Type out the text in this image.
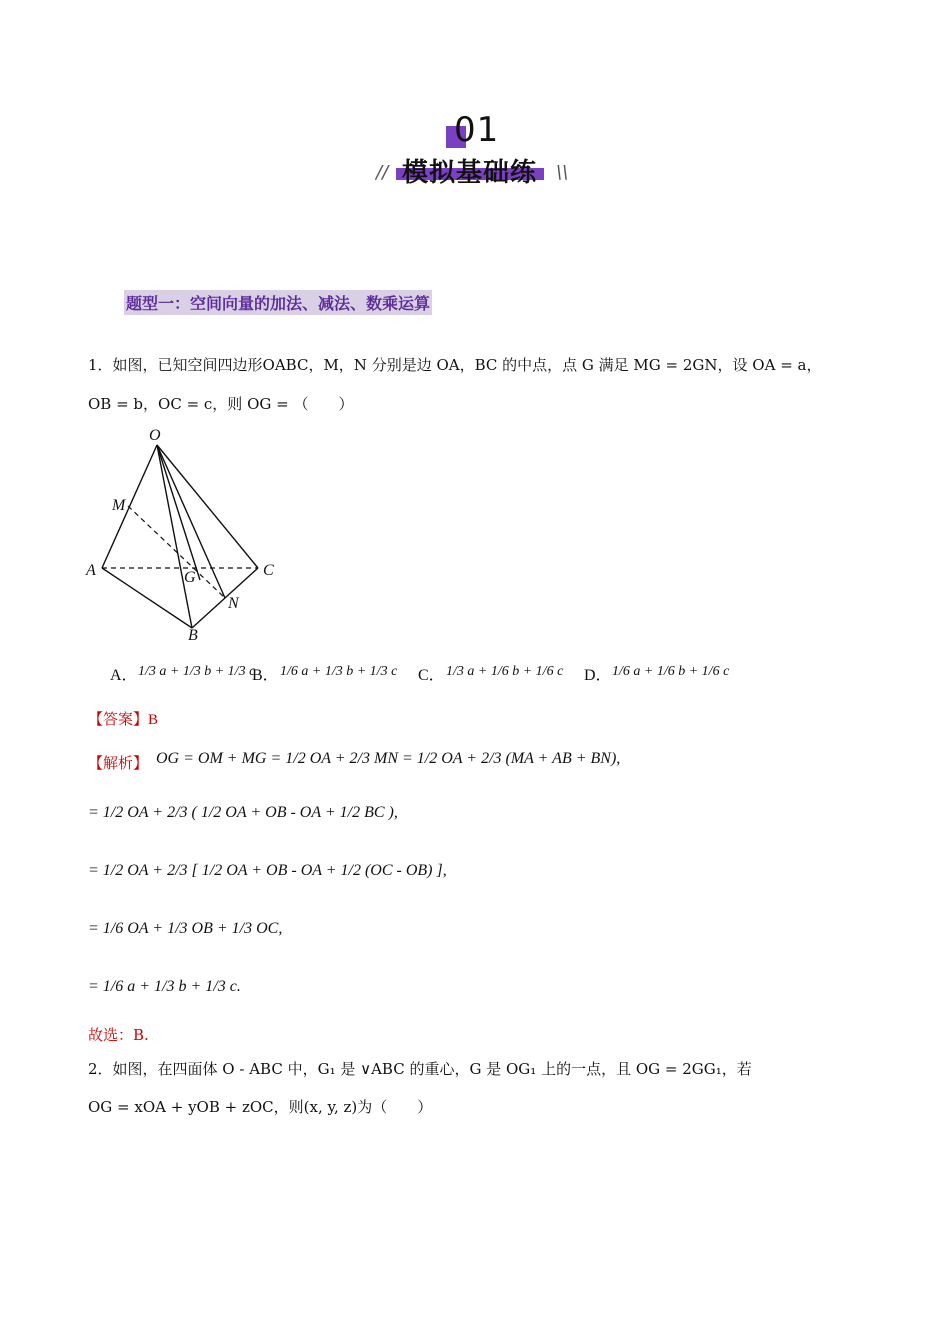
01
模拟基础练
//	\\
题型一：空间向量的加法、减法、数乘运算
1．如图，已知空间四边形OABC，M，N 分别是边 OA，BC 的中点，点 G 满足 MG = 2GN，设 OA = a，
OB = b，OC = c，则 OG = （　　）
O
M
A	G	C
N
B
A． 1/3 a + 1/3 b + 1/3 c
B． 1/6 a + 1/3 b + 1/3 c C． 1/3 a + 1/6 b + 1/6 c D． 1/6 a + 1/6 b + 1/6 c
【答案】B
【解析】 OG = OM + MG = 1/2 OA + 2/3 MN = 1/2 OA + 2/3 (MA + AB + BN),
= 1/2 OA + 2/3 ( 1/2 OA + OB - OA + 1/2 BC ),
= 1/2 OA + 2/3 [ 1/2 OA + OB - OA + 1/2 (OC - OB) ],
= 1/6 OA + 1/3 OB + 1/3 OC,
= 1/6 a + 1/3 b + 1/3 c.
故选：B.
2．如图，在四面体 O - ABC 中，G₁ 是 ∨ABC 的重心，G 是 OG₁ 上的一点，且 OG = 2GG₁，若
OG = xOA + yOB + zOC，则(x, y, z)为（　　）
